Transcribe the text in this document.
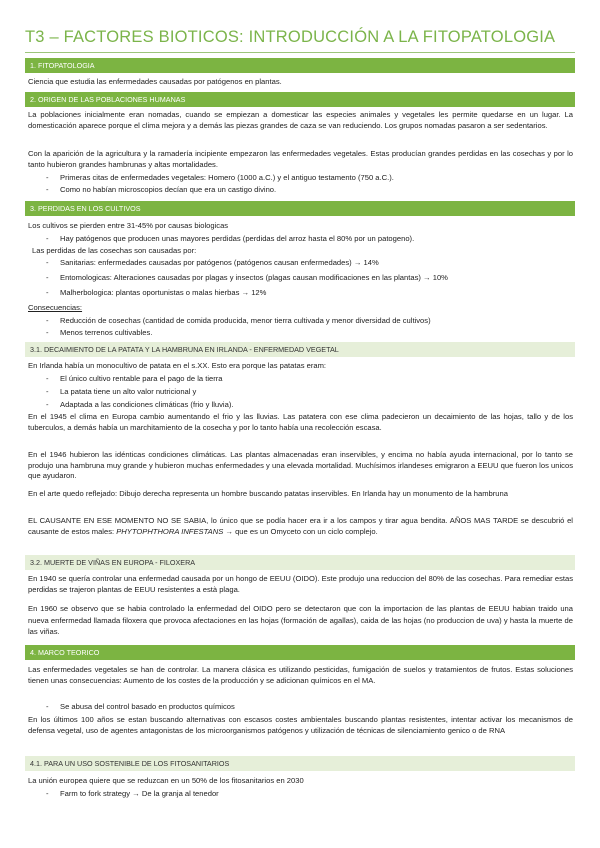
T3 – FACTORES BIOTICOS: INTRODUCCIÓN A LA FITOPATOLOGIA
1. FITOPATOLOGIA
Ciencia que estudia las enfermedades causadas por patógenos en plantas.
2. ORIGEN DE LAS POBLACIONES HUMANAS
La poblaciones inicialmente eran nomadas, cuando se empiezan a domesticar las especies animales y vegetales les permite quedarse en un lugar. La domesticación aparece porque el clima mejora y a demás las piezas grandes de caza se van reduciendo. Los grupos nomadas pasaron a ser sedentarios.
Con la aparición de la agricultura y la ramadería incipiente empezaron las enfermedades vegetales. Estas producían grandes perdidas en las cosechas y por lo tanto hubieron grandes hambrunas y altas mortalidades.
- Primeras citas de enfermedades vegetales: Homero (1000 a.C.) y el antiguo testamento (750 a.C.).
- Como no habían microscopios decían que era un castigo divino.
3. PERDIDAS EN LOS CULTIVOS
Los cultivos se pierden entre 31-45% por causas biologicas
- Hay patógenos que producen unas mayores perdidas (perdidas del arroz hasta el 80% por un patogeno).
Las perdidas de las cosechas son causadas por:
- Sanitarias: enfermedades causadas por patógenos (patógenos causan enfermedades) → 14%
- Entomologicas: Alteraciones causadas por plagas y insectos (plagas causan modificaciones en las plantas) → 10%
- Malherbologica: plantas oportunistas o malas hierbas → 12%
Consecuencias:
- Reducción de cosechas (cantidad de comida producida, menor tierra cultivada y menor diversidad de cultivos)
- Menos terrenos cultivables.
3.1. DECAIMIENTO DE LA PATATA Y LA HAMBRUNA EN IRLANDA - ENFERMEDAD VEGETAL
En Irlanda había un monocultivo de patata en el s.XX. Esto era porque las patatas eram:
- El único cultivo rentable para el pago de la tierra
- La patata tiene un alto valor nutricional y
- Adaptada a las condiciones climáticas (frio y lluvia).
En el 1945 el clima en Europa cambio aumentando el frio y las lluvias. Las patatera con ese clima padecieron un decaimiento de las hojas, tallo y de los tuberculos, a demás había un marchitamiento de la cosecha y por lo tanto había una recolección escasa.
En el 1946 hubieron las idénticas condiciones climáticas. Las plantas almacenadas eran inservibles, y encima no había ayuda internacional, por lo tanto se produjo una hambruna muy grande y hubieron muchas enfermedades y una elevada mortalidad. Muchísimos irlandeses emigraron a EEUU que fueron los unicos que ayudaron.
En el arte quedo reflejado: Dibujo derecha representa un hombre buscando patatas inservibles. En Irlanda hay un monumento de la hambruna
EL CAUSANTE EN ESE MOMENTO NO SE SABIA, lo único que se podía hacer era ir a los campos y tirar agua bendita. AÑOS MAS TARDE se descubrió el causante de estos males: PHYTOPHTHORA INFESTANS → que es un Omyceto con un ciclo complejo.
3.2. MUERTE DE VIÑAS EN EUROPA - FILOXERA
En 1940 se quería controlar una enfermedad causada por un hongo de EEUU (OIDO). Este produjo una reduccion del 80% de las cosechas. Para remediar estas perdidas se trajeron plantas de EEUU resistentes a està plaga.
En 1960 se observo que se habia controlado la enfermedad del OIDO pero se detectaron que con la importacion de las plantas de EEUU habian traido una nueva enfermedad llamada filoxera que provoca afectaciones en las hojas (formación de agallas), caida de las hojas (no produccion de uva) y hasta la muerte de las viñas.
4. MARCO TEORICO
Las enfermedades vegetales se han de controlar. La manera clásica es utilizando pesticidas, fumigación de suelos y tratamientos de frutos. Estas soluciones tienen unas consecuencias: Aumento de los costes de la producción y se adicionan químicos en el MA.
- Se abusa del control basado en productos químicos
En los últimos 100 años se estan buscando alternativas con escasos costes ambientales buscando plantas resistentes, intentar activar los mecanismos de defensa vegetal, uso de agentes antagonistas de los microorganismos patógenos y utilización de técnicas de silenciamiento genico o de RNA
4.1. PARA UN USO SOSTENIBLE DE LOS FITOSANITARIOS
La unión europea quiere que se reduzcan en un 50% de los fitosanitarios en 2030
- Farm to fork strategy → De la granja al tenedor
